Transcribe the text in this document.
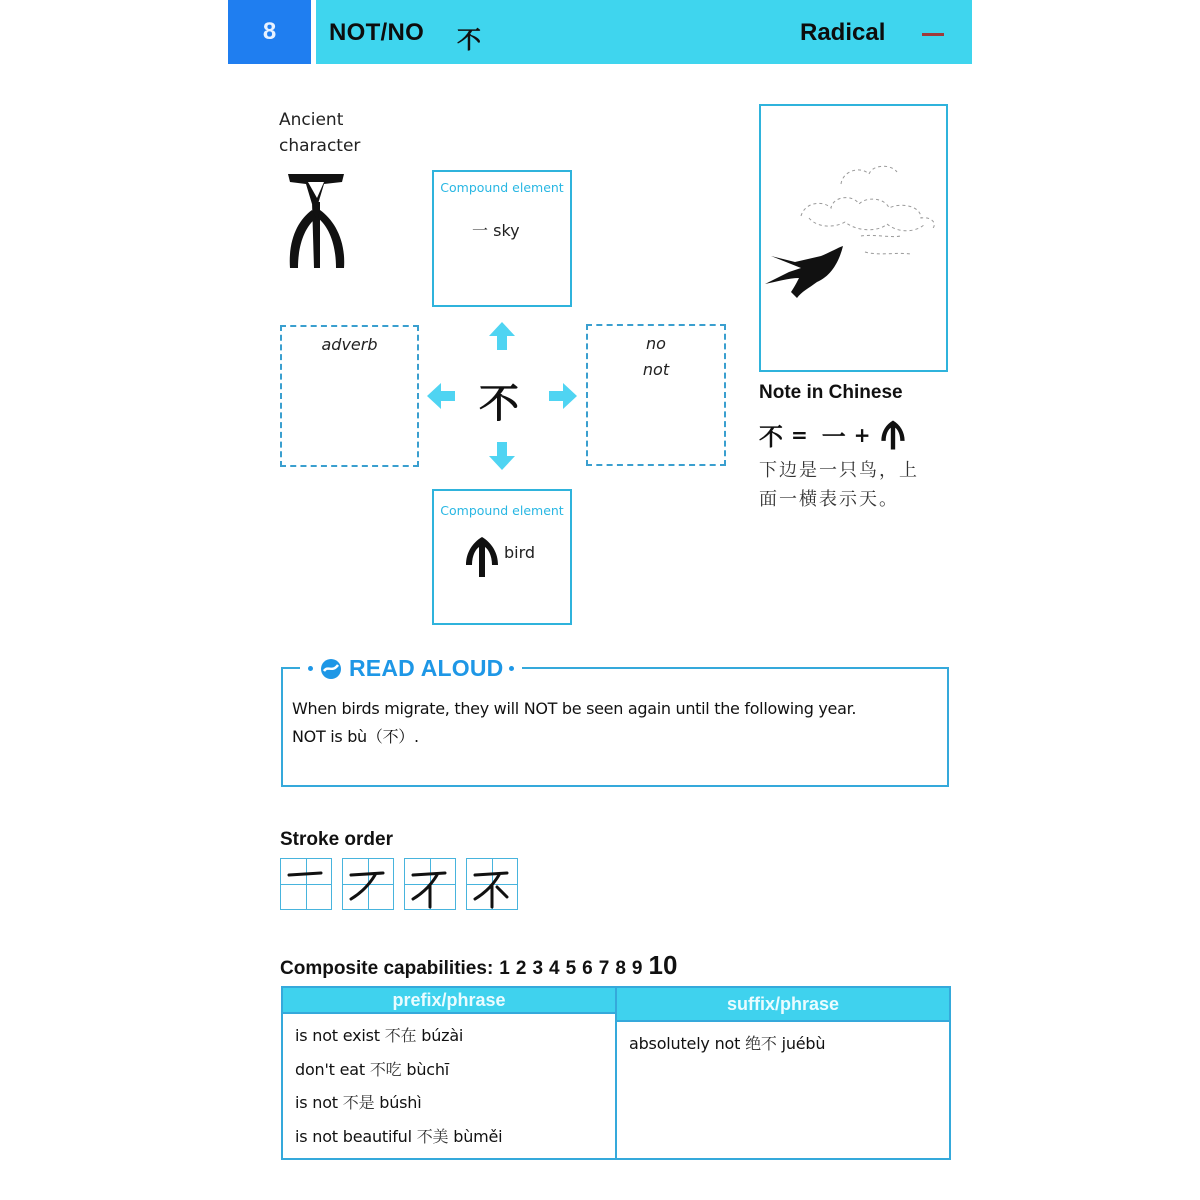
8 NOT/NO 不	Radical
Ancient
character
Compound element
一 sky
adverb	no
not
不
Compound element
bird
Note in Chinese
不 = 一 +
下边是一只鸟，上
面一横表示天。
READ ALOUD
When birds migrate, they will NOT be seen again until the following year.
NOT is bù（不）.
Stroke order
Composite capabilities: 1 2 3 4 5 6 7 8 9 10
prefix/phrase
is not exist 不在 búzài
don't eat 不吃 bùchī
is not 不是 búshì
is not beautiful 不美 bùměi
suffix/phrase
absolutely not 绝不 juébù
